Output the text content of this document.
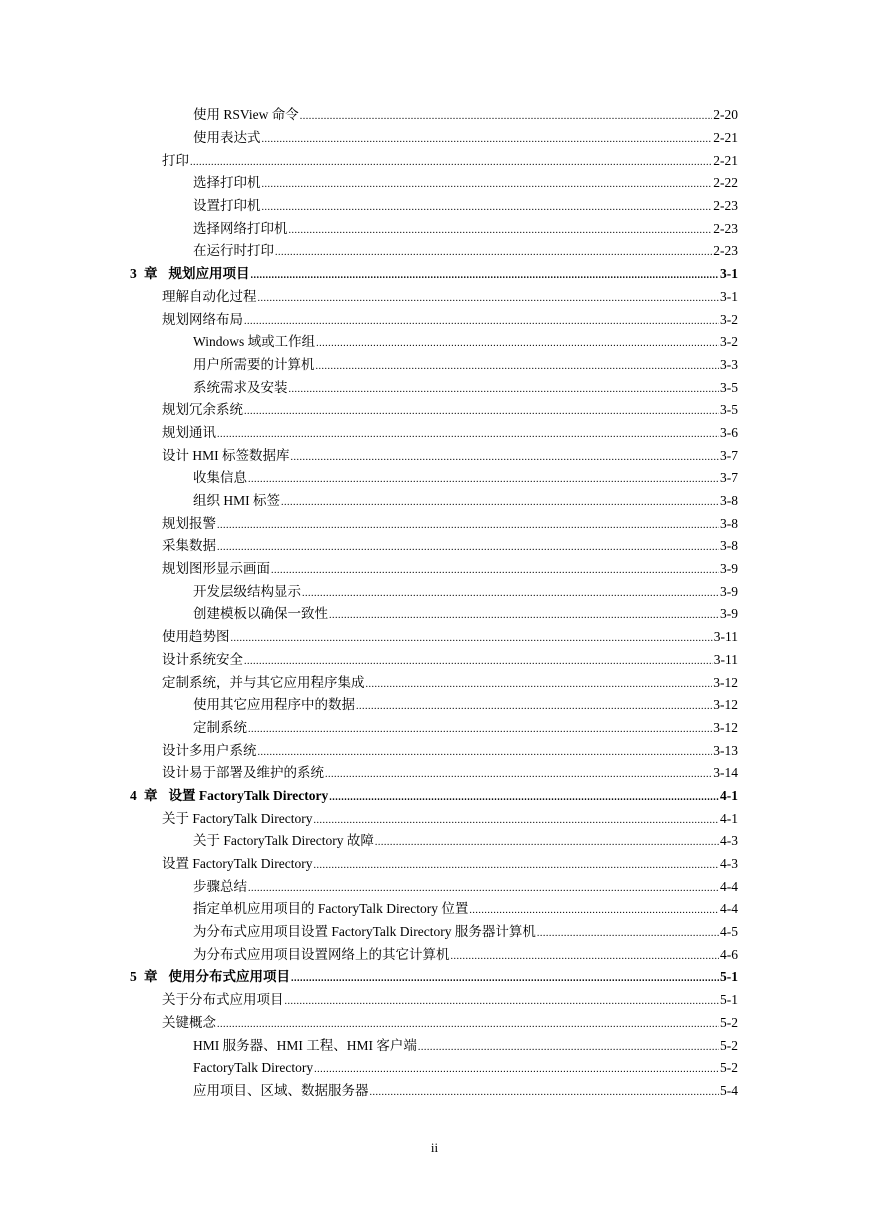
使用 RSView 命令 .....	2-20
使用表达式 .....	2-21
打印 .....	2-21
选择打印机 .....	2-22
设置打印机 .....	2-23
选择网络打印机 .....	2-23
在运行时打印 .....	2-23
3 章 规划应用项目 .....	3-1
理解自动化过程 .....	3-1
规划网络布局 .....	3-2
Windows 域或工作组 .....	3-2
用户所需要的计算机 .....	3-3
系统需求及安装 .....	3-5
规划冗余系统 .....	3-5
规划通讯 .....	3-6
设计 HMI 标签数据库 .....	3-7
收集信息 .....	3-7
组织 HMI 标签 .....	3-8
规划报警 .....	3-8
采集数据 .....	3-8
规划图形显示画面 .....	3-9
开发层级结构显示 .....	3-9
创建模板以确保一致性 .....	3-9
使用趋势图 .....	3-11
设计系统安全 .....	3-11
定制系统，并与其它应用程序集成 .....	3-12
使用其它应用程序中的数据 .....	3-12
定制系统 .....	3-12
设计多用户系统 .....	3-13
设计易于部署及维护的系统 .....	3-14
4 章 设置 FactoryTalk Directory .....	4-1
关于 FactoryTalk Directory .....	4-1
关于 FactoryTalk Directory 故障 .....	4-3
设置 FactoryTalk Directory .....	4-3
步骤总结 .....	4-4
指定单机应用项目的 FactoryTalk Directory 位置 .....	4-4
为分布式应用项目设置 FactoryTalk Directory 服务器计算机 .....	4-5
为分布式应用项目设置网络上的其它计算机 .....	4-6
5 章 使用分布式应用项目 .....	5-1
关于分布式应用项目 .....	5-1
关键概念 .....	5-2
HMI 服务器、HMI 工程、HMI 客户端 .....	5-2
FactoryTalk Directory .....	5-2
应用项目、区域、数据服务器 .....	5-4
ii
